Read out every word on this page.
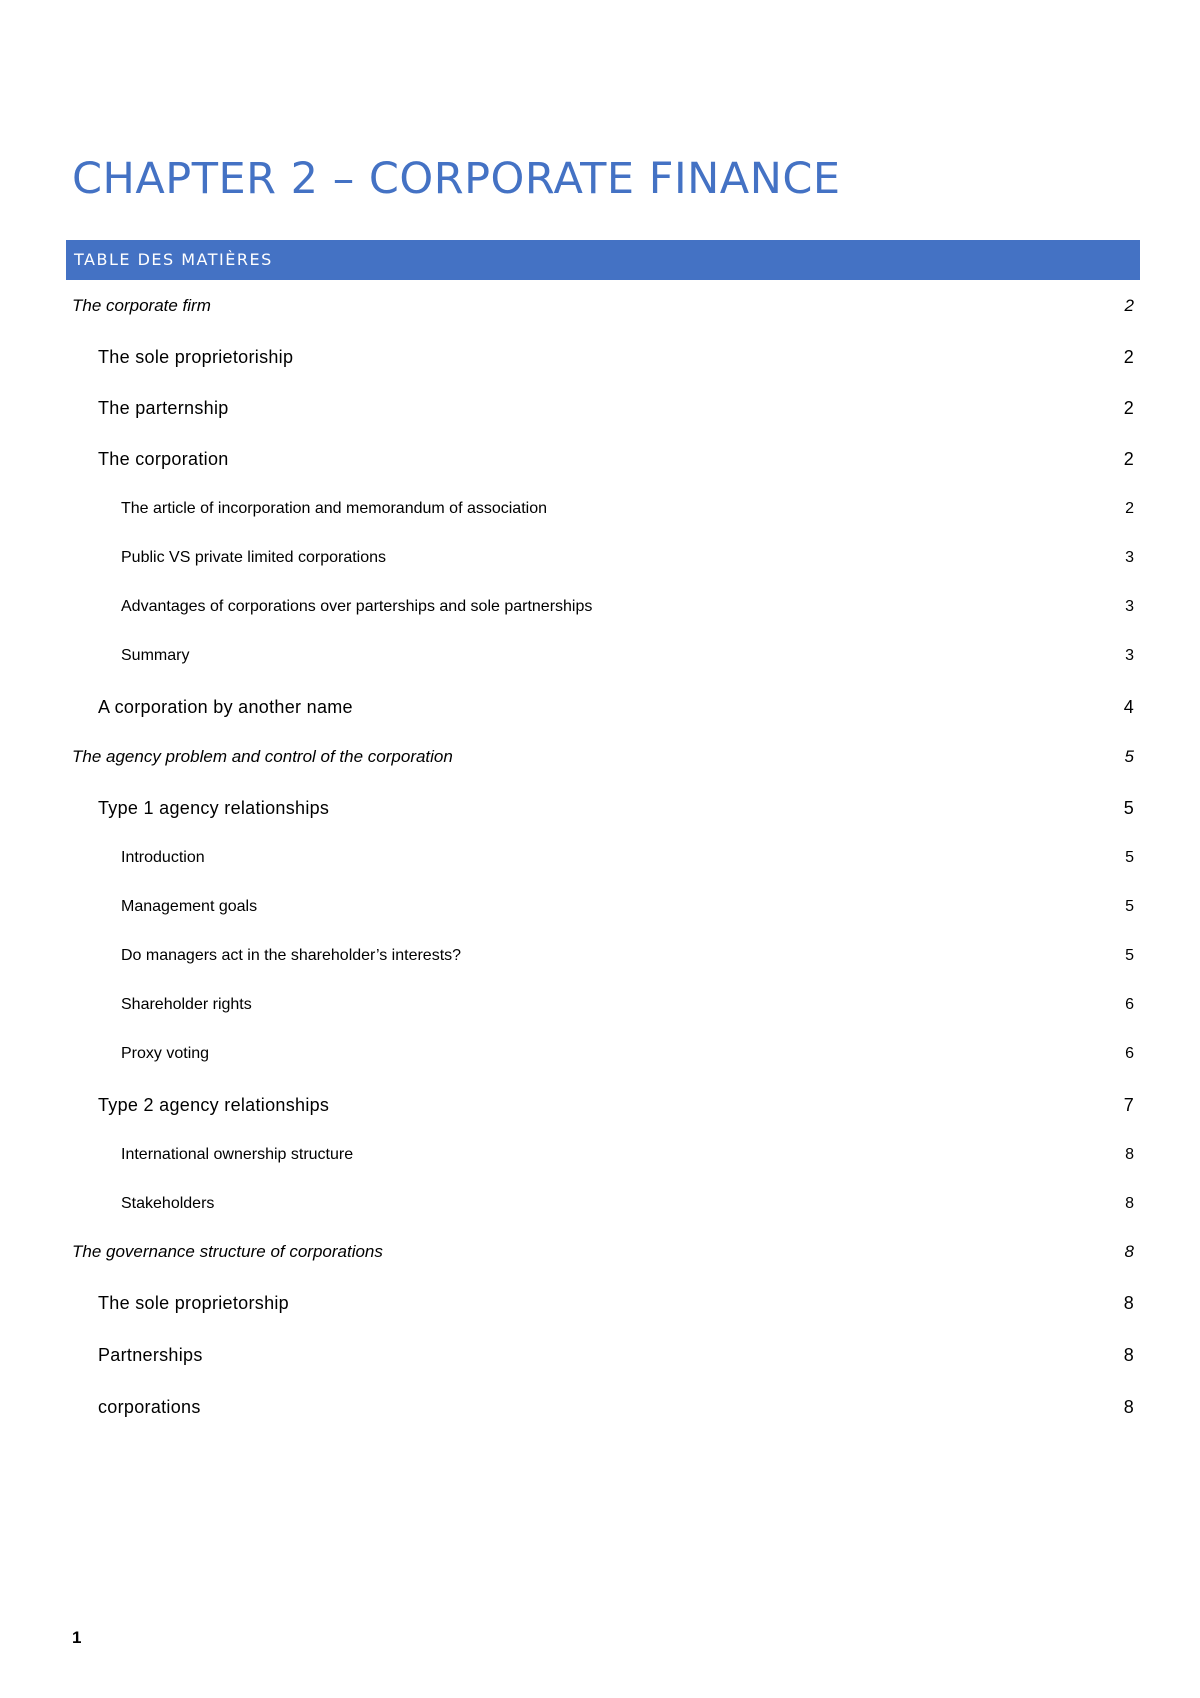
CHAPTER 2 – CORPORATE FINANCE
TABLE DES MATIÈRES
The corporate firm	2
The sole proprietoriship	2
The parternship	2
The corporation	2
The article of incorporation and memorandum of association	2
Public VS private limited corporations	3
Advantages of corporations over parterships and sole partnerships	3
Summary	3
A corporation by another name	4
The agency problem and control of the corporation	5
Type 1 agency relationships	5
Introduction	5
Management goals	5
Do managers act in the shareholder’s interests?	5
Shareholder rights	6
Proxy voting	6
Type 2 agency relationships	7
International ownership structure	8
Stakeholders	8
The governance structure of corporations	8
The sole proprietorship	8
Partnerships	8
corporations	8
1
